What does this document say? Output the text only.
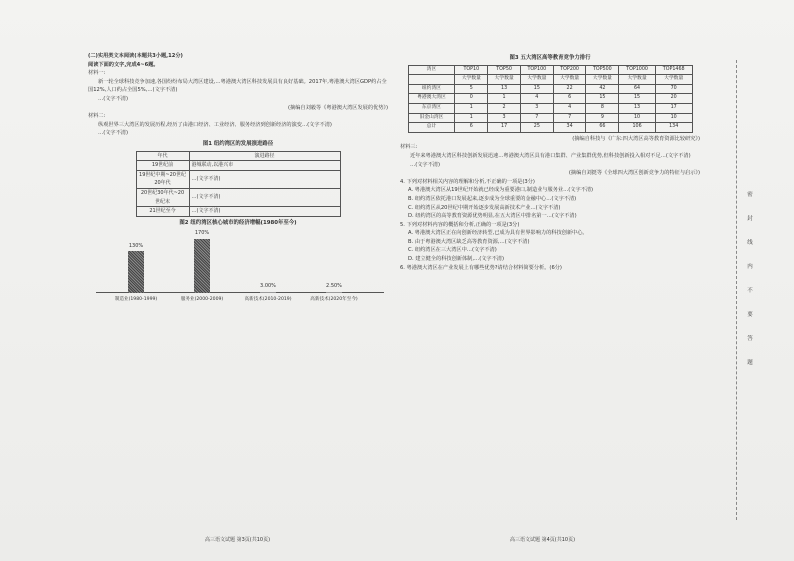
(二)实用类文本阅读(本题共3小题,12分)

阅读下面的文字,完成4~6题。

材料一:

新一轮全球科技竞争加速,各国纷纷布局大湾区建设,…粤港澳大湾区科技发展具有良好基础。2017年,粤港澳大湾区GDP约占全国12%,人口约占全国5%,…(文字不清)

…(文字不清)

(摘编自刘毅等《粤港澳大湾区发展的优势》)

材料二:

纵观世界三大湾区的发展历程,经历了由港口经济、工业经济、服务经济到创新经济的演变…(文字不清)

…(文字不清)

图1 纽约湾区的发展演进路径

年代	演进路径
19世纪前	港城联动,以港兴市
19世纪中期~20世纪20年代	…(文字不清)
20世纪30年代~20世纪末	…(文字不清)
21世纪至今	…(文字不清)

图2 纽约湾区核心城市的经济增幅(1980年至今)

130%
制造业(1980-1999)
170%
服务业(2000-2009)
3.00%
高新技术(2010-2019)
2.50%
高新技术(2020年至今)
高三语文试题 第3页(共10页)

图3 五大湾区高等教育竞争力排行

湾区	TOP10	TOP50	TOP100	TOP200	TOP500	TOP1000	TOP1468
	大学数量	大学数量	大学数量	大学数量	大学数量	大学数量	大学数量
纽约湾区	5	13	15	22	42	64	70
粤港澳大湾区	0	1	4	6	15	15	20
东京湾区	1	2	3	4	8	13	17
旧金山湾区	1	3	7	7	9	10	10
总计	6	17	25	34	66	106	134

(摘编自科技与《广东:四大湾区高等教育资源比较研究》)

材料三:

近年来粤港澳大湾区科技创新发展迅速…粤港澳大湾区具有港口集群、产业集群优势,但科技创新投入相对不足…(文字不清)

…(文字不清)

(摘编自刘挺等《全球四大湾区创新竞争力的特征与启示》)

4. 下列对材料相关内容的理解和分析,不正确的一项是(3分)

A. 粤港澳大湾区从19世纪开始就已经成为重要港口,制造业与服务业…(文字不清)

B. 纽约湾区依托港口发展起来,逐步成为全球重要的金融中心…(文字不清)

C. 纽约湾区从20世纪中期开始逐步发展高新技术产业…(文字不清)

D. 纽约湾区的高等教育资源优势明显,在五大湾区中排名第一…(文字不清)

5. 下列对材料内容的概括和分析,正确的一项是(3分)

A. 粤港澳大湾区正在向创新经济转型,已成为具有世界影响力的科技创新中心。

B. 由于粤港澳大湾区缺乏高等教育资源,…(文字不清)

C. 纽约湾区在三大湾区中…(文字不清)

D. 建立健全的科技创新体制,…(文字不清)

6. 粤港澳大湾区在产业发展上有哪些优势?请结合材料简要分析。(6分)

高三语文试题 第4页(共10页)
密
封
线
内
不
要
答
题
